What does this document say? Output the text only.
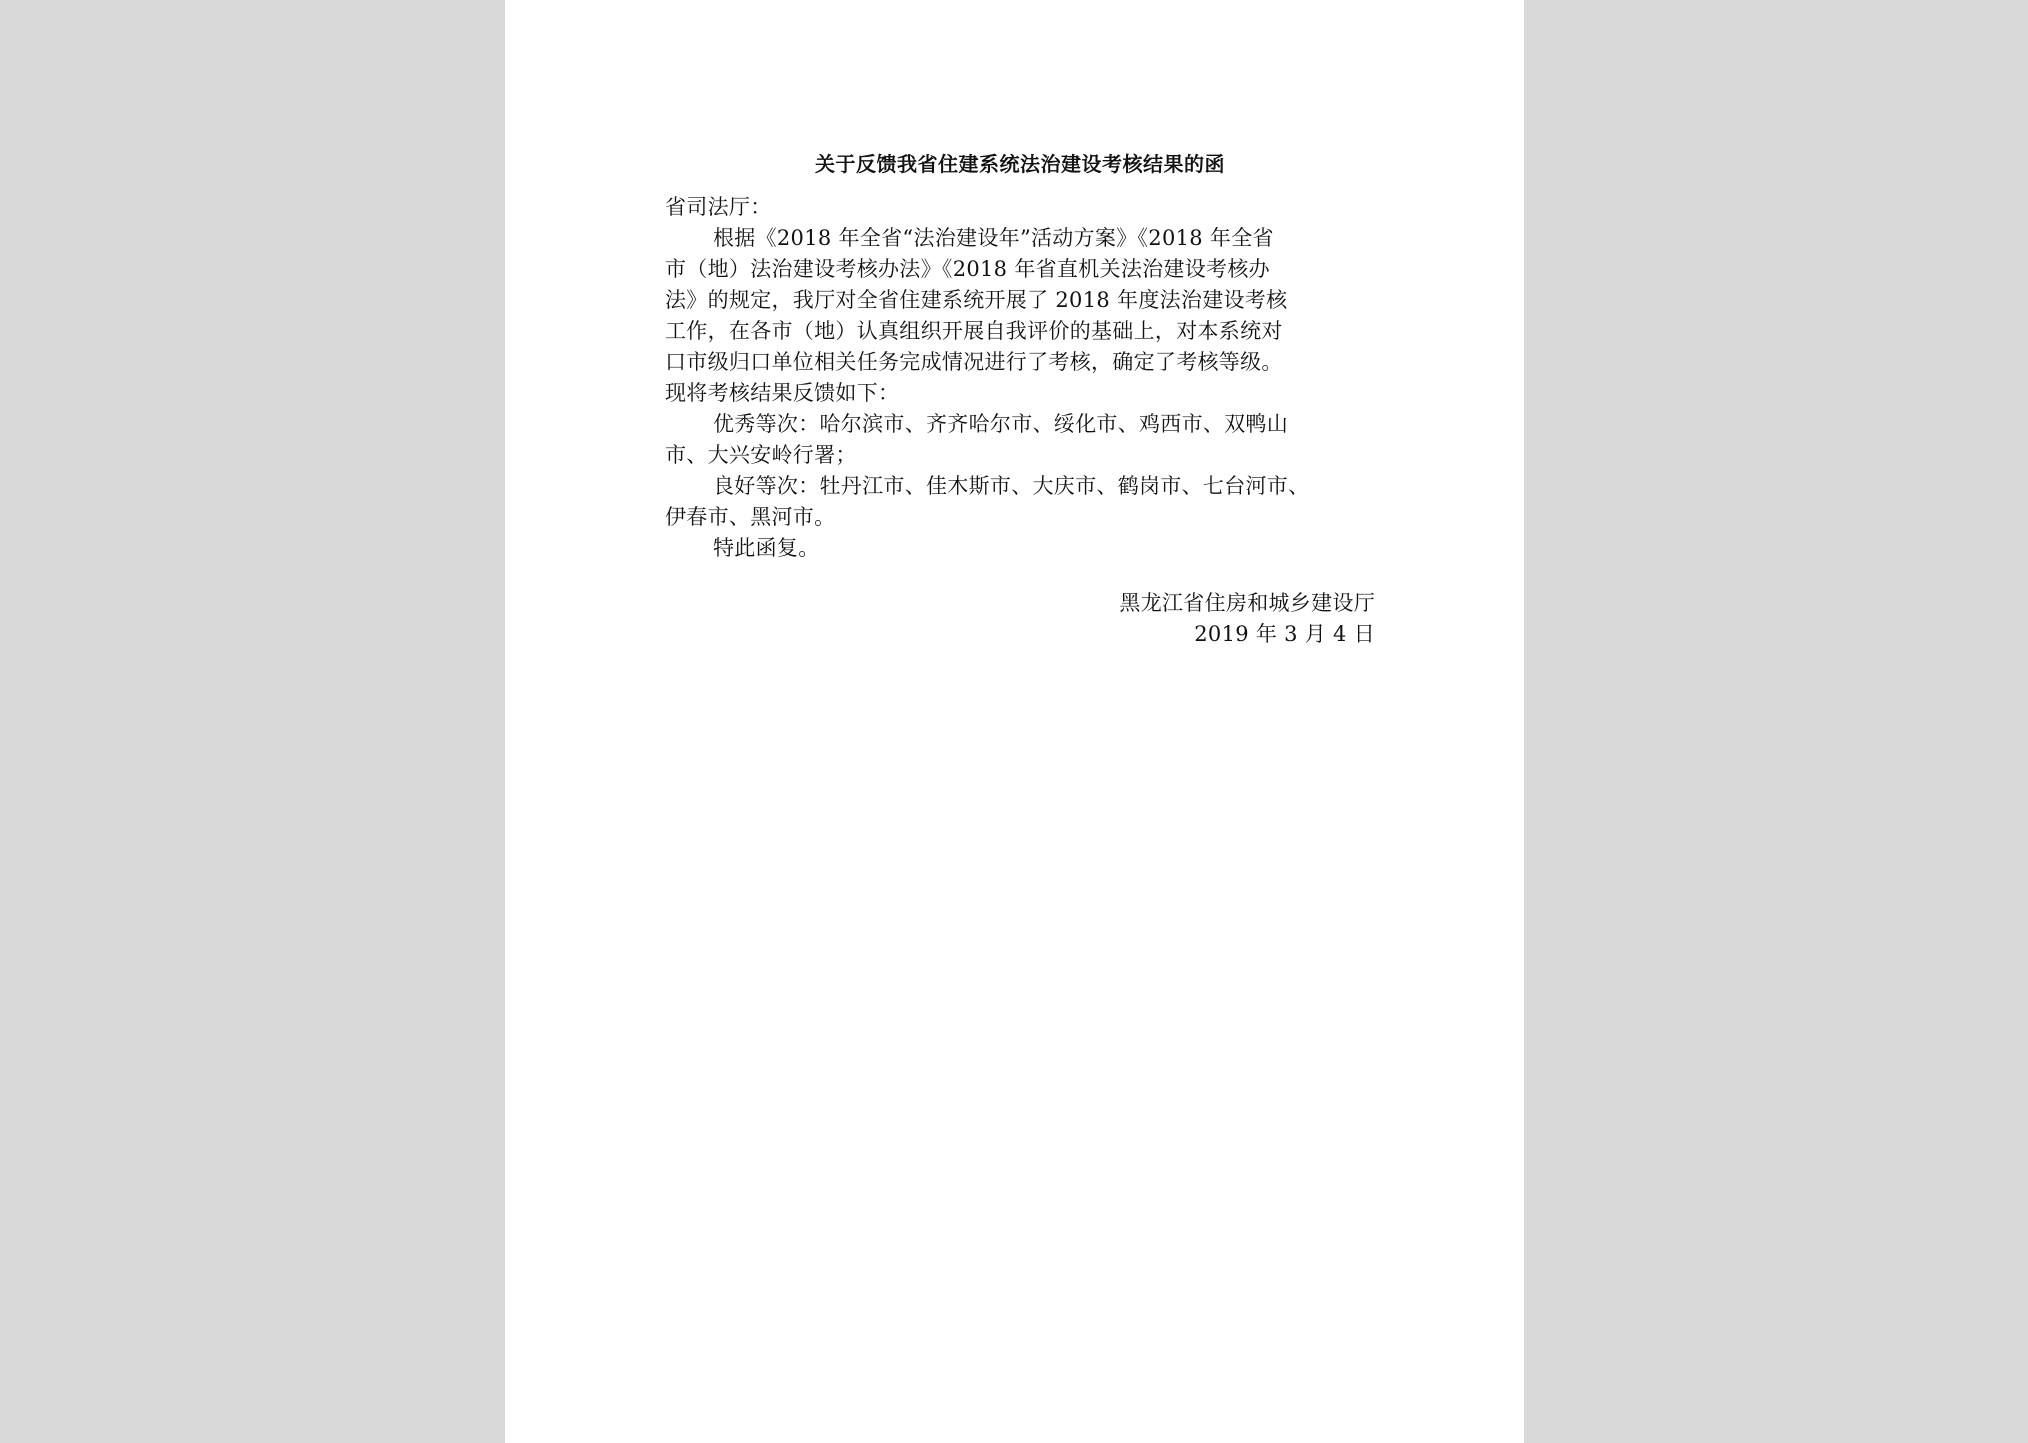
关于反馈我省住建系统法治建设考核结果的函
省司法厅：
根据《2018 年全省“法治建设年”活动方案》《2018 年全省
市（地）法治建设考核办法》《2018 年省直机关法治建设考核办
法》的规定，我厅对全省住建系统开展了 2018 年度法治建设考核
工作，在各市（地）认真组织开展自我评价的基础上，对本系统对
口市级归口单位相关任务完成情况进行了考核，确定了考核等级。
现将考核结果反馈如下：
优秀等次：哈尔滨市、齐齐哈尔市、绥化市、鸡西市、双鸭山
市、大兴安岭行署；
良好等次：牡丹江市、佳木斯市、大庆市、鹤岗市、七台河市、
伊春市、黑河市。
特此函复。
黑龙江省住房和城乡建设厅
2019 年 3 月 4 日
